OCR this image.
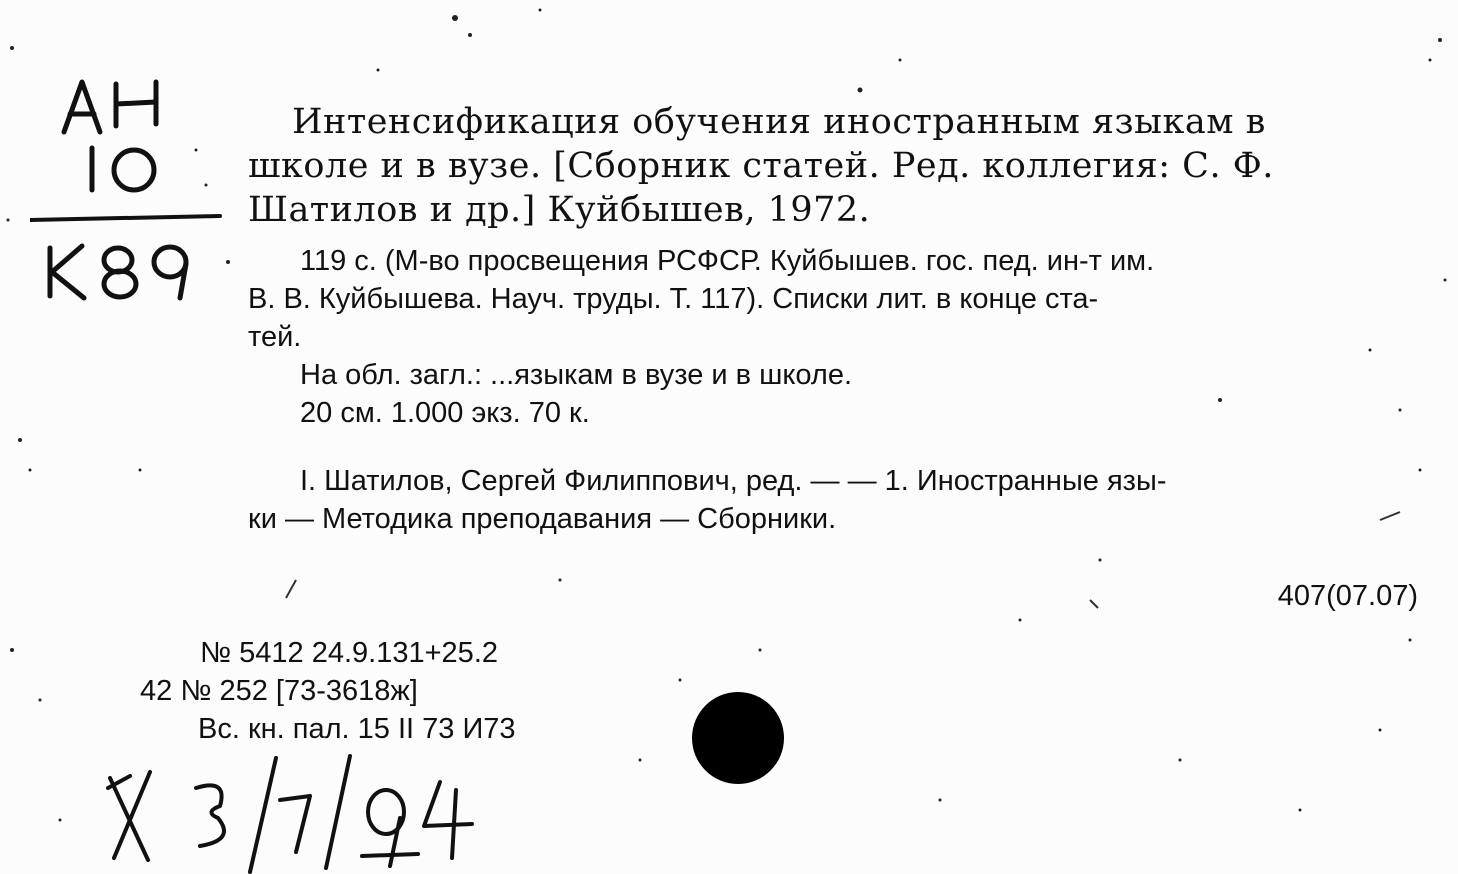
Интенсификация обучения иностранным языкам в
школе и в вузе. [Сборник статей. Ред. коллегия: С. Ф.
Шатилов и др.] Куйбышев, 1972.
119 с. (М-во просвещения РСФСР. Куйбышев. гос. пед. ин-т им.
В. В. Куйбышева. Науч. труды. Т. 117). Списки лит. в конце ста-
тей.
На обл. загл.: ...языкам в вузе и в школе.
20 см. 1.000 экз. 70 к.
I. Шатилов, Сергей Филиппович, ред. — — 1. Иностранные язы-
ки — Методика преподавания — Сборники.
407(07.07)
№ 5412 24.9.131+25.2
42 № 252 [73-3618ж]
Вс. кн. пал. 15 II 73 И73
